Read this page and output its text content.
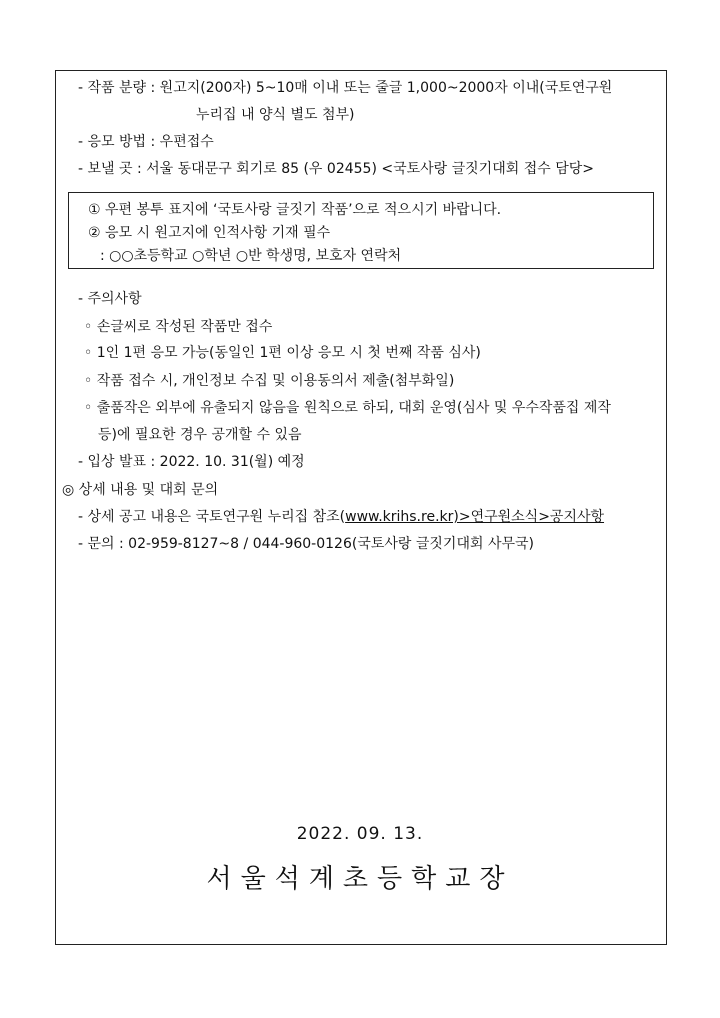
- 작품 분량 : 원고지(200자) 5~10매 이내 또는 줄글 1,000~2000자 이내(국토연구원
누리집 내 양식 별도 첨부)
- 응모 방법 : 우편접수
- 보낼 곳 : 서울 동대문구 회기로 85 (우 02455) <국토사랑 글짓기대회 접수 담당>
① 우편 봉투 표지에 ‘국토사랑 글짓기 작품’으로 적으시기 바랍니다.
② 응모 시 원고지에 인적사항 기재 필수
: ○○초등학교 ○학년 ○반 학생명, 보호자 연락처
- 주의사항
◦ 손글씨로 작성된 작품만 접수
◦ 1인 1편 응모 가능(동일인 1편 이상 응모 시 첫 번째 작품 심사)
◦ 작품 접수 시, 개인정보 수집 및 이용동의서 제출(첨부화일)
◦ 출품작은 외부에 유출되지 않음을 원칙으로 하되, 대회 운영(심사 및 우수작품집 제작
등)에 필요한 경우 공개할 수 있음
- 입상 발표 : 2022. 10. 31(월) 예정
◎ 상세 내용 및 대회 문의
- 상세 공고 내용은 국토연구원 누리집 참조(www.krihs.re.kr)>연구원소식>공지사항
- 문의 : 02-959-8127~8 / 044-960-0126(국토사랑 글짓기대회 사무국)
2022. 09. 13.
서울석계초등학교장
